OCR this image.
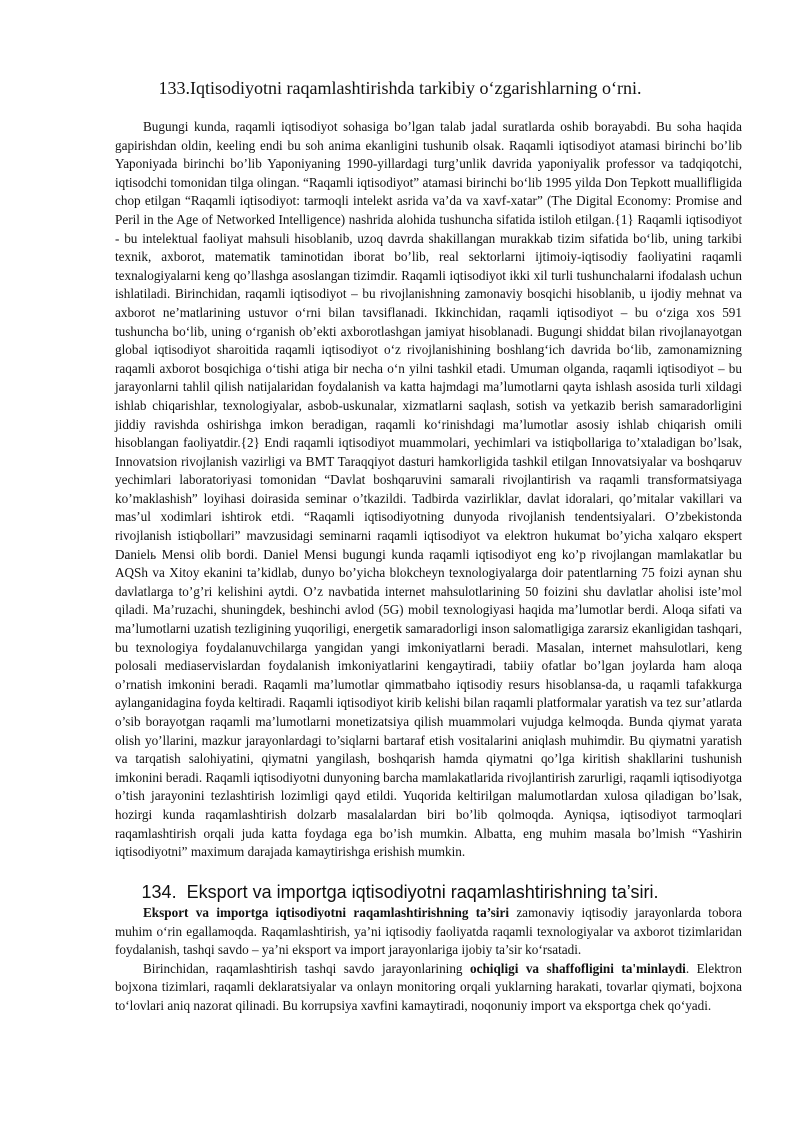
133.Iqtisodiyotni raqamlashtirishda tarkibiy oʻzgarishlarning oʻrni.

Bugungi kunda, raqamli iqtisodiyot sohasiga bo’lgan talab jadal suratlarda oshib borayabdi. Bu soha haqida gapirishdan oldin, keeling endi bu soh anima ekanligini tushunib olsak. Raqamli iqtisodiyot atamasi birinchi bo’lib Yaponiyada birinchi bo’lib Yaponiyaning 1990-yillardagi turg’unlik davrida yaponiyalik professor va tadqiqotchi, iqtisodchi tomonidan tilga olingan. “Raqamli iqtisodiyot” atamasi birinchi bo‘lib 1995 yilda Don Tepkott muallifligida chop etilgan “Raqamli iqtisodiyot: tarmoqli intelekt asrida va’da va xavf-xatar” (The Digital Economy: Promise and Peril in the Age of Networked Intelligence) nashrida alohida tushuncha sifatida istiloh etilgan.{1} Raqamli iqtisodiyot - bu intelektual faoliyat mahsuli hisoblanib, uzoq davrda shakillangan murakkab tizim sifatida bo‘lib, uning tarkibi texnik, axborot, matematik taminotidan iborat bo’lib, real sektorlarni ijtimoiy-iqtisodiy faoliyatini raqamli texnalogiyalarni keng qo’llashga asoslangan tizimdir. Raqamli iqtisodiyot ikki xil turli tushunchalarni ifodalash uchun ishlatiladi. Birinchidan, raqamli iqtisodiyot – bu rivojlanishning zamonaviy bosqichi hisoblanib, u ijodiy mehnat va axborot ne’matlarining ustuvor o‘rni bilan tavsiflanadi. Ikkinchidan, raqamli iqtisodiyot – bu o‘ziga xos 591 tushuncha bo‘lib, uning o‘rganish ob’ekti axborotlashgan jamiyat hisoblanadi. Bugungi shiddat bilan rivojlanayotgan global iqtisodiyot sharoitida raqamli iqtisodiyot o‘z rivojlanishining boshlang‘ich davrida bo‘lib, zamonamizning raqamli axborot bosqichiga o‘tishi atiga bir necha o‘n yilni tashkil etadi. Umuman olganda, raqamli iqtisodiyot – bu jarayonlarni tahlil qilish natijalaridan foydalanish va katta hajmdagi ma’lumotlarni qayta ishlash asosida turli xildagi ishlab chiqarishlar, texnologiyalar, asbob-uskunalar, xizmatlarni saqlash, sotish va yetkazib berish samaradorligini jiddiy ravishda oshirishga imkon beradigan, raqamli ko‘rinishdagi ma’lumotlar asosiy ishlab chiqarish omili hisoblangan faoliyatdir.{2} Endi raqamli iqtisodiyot muammolari, yechimlari va istiqbollariga to’xtaladigan bo’lsak, Innovatsion rivojlanish vazirligi va BMT Taraqqiyot dasturi hamkorligida tashkil etilgan Innovatsiyalar va boshqaruv yechimlari laboratoriyasi tomonidan “Davlat boshqaruvini samarali rivojlantirish va raqamli transformatsiyaga ko’maklashish” loyihasi doirasida seminar o’tkazildi. Tadbirda vazirliklar, davlat idoralari, qo’mitalar vakillari va mas’ul xodimlari ishtirok etdi. “Raqamli iqtisodiyotning dunyoda rivojlanish tendentsiyalari. O’zbekistonda rivojlanish istiqbollari” mavzusidagi seminarni raqamli iqtisodiyot va elektron hukumat bo’yicha xalqaro ekspert Danielь Mensi olib bordi. Daniel Mensi bugungi kunda raqamli iqtisodiyot eng ko’p rivojlangan mamlakatlar bu AQSh va Xitoy ekanini ta’kidlab, dunyo bo’yicha blokcheyn texnologiyalarga doir patentlarning 75 foizi aynan shu davlatlarga to’g’ri kelishini aytdi. O’z navbatida internet mahsulotlarining 50 foizini shu davlatlar aholisi iste’mol qiladi. Ma’ruzachi, shuningdek, beshinchi avlod (5G) mobil texnologiyasi haqida ma’lumotlar berdi. Aloqa sifati va ma’lumotlarni uzatish tezligining yuqoriligi, energetik samaradorligi inson salomatligiga zararsiz ekanligidan tashqari, bu texnologiya foydalanuvchilarga yangidan yangi imkoniyatlarni beradi. Masalan, internet mahsulotlari, keng polosali mediaservislardan foydalanish imkoniyatlarini kengaytiradi, tabiiy ofatlar bo’lgan joylarda ham aloqa o’rnatish imkonini beradi. Raqamli ma’lumotlar qimmatbaho iqtisodiy resurs hisoblansa-da, u raqamli tafakkurga aylanganidagina foyda keltiradi. Raqamli iqtisodiyot kirib kelishi bilan raqamli platformalar yaratish va tez sur’atlarda o’sib borayotgan raqamli ma’lumotlarni monetizatsiya qilish muammolari vujudga kelmoqda. Bunda qiymat yarata olish yo’llarini, mazkur jarayonlardagi to’siqlarni bartaraf etish vositalarini aniqlash muhimdir. Bu qiymatni yaratish va tarqatish salohiyatini, qiymatni yangilash, boshqarish hamda qiymatni qo’lga kiritish shakllarini tushunish imkonini beradi. Raqamli iqtisodiyotni dunyoning barcha mamlakatlarida rivojlantirish zarurligi, raqamli iqtisodiyotga o’tish jarayonini tezlashtirish lozimligi qayd etildi. Yuqorida keltirilgan malumotlardan xulosa qiladigan bo’lsak, hozirgi kunda raqamlashtirish dolzarb masalalardan biri bo’lib qolmoqda. Ayniqsa, iqtisodiyot tarmoqlari raqamlashtirish orqali juda katta foydaga ega bo’ish mumkin. Albatta, eng muhim masala bo’lmish “Yashirin iqtisodiyotni” maximum darajada kamaytirishga erishish mumkin.

134. Eksport va importga iqtisodiyotni raqamlashtirishning ta’siri.

Eksport va importga iqtisodiyotni raqamlashtirishning ta’siri zamonaviy iqtisodiy jarayonlarda tobora muhim o‘rin egallamoqda. Raqamlashtirish, ya’ni iqtisodiy faoliyatda raqamli texnologiyalar va axborot tizimlaridan foydalanish, tashqi savdo – ya’ni eksport va import jarayonlariga ijobiy ta’sir ko‘rsatadi.

Birinchidan, raqamlashtirish tashqi savdo jarayonlarining ochiqligi va shaffofligini ta'minlaydi. Elektron bojxona tizimlari, raqamli deklaratsiyalar va onlayn monitoring orqali yuklarning harakati, tovarlar qiymati, bojxona to‘lovlari aniq nazorat qilinadi. Bu korrupsiya xavfini kamaytiradi, noqonuniy import va eksportga chek qo‘yadi.
